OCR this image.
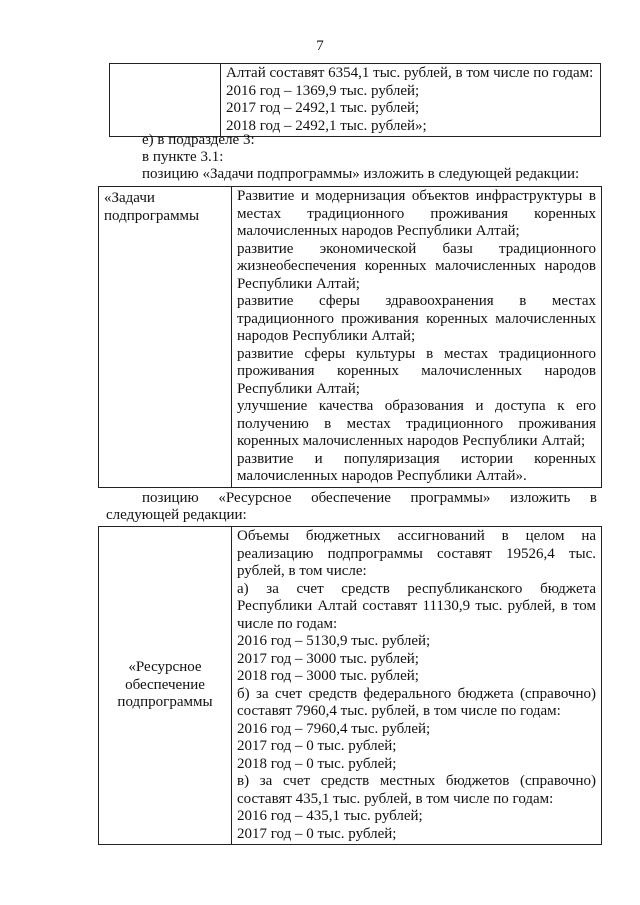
7

Алтай составят 6354,1 тыс. рублей, в том числе по годам:
2016 год – 1369,9 тыс. рублей;
2017 год – 2492,1 тыс. рублей;
2018 год – 2492,1 тыс. рублей»;
е) в подразделе 3:
в пункте 3.1:
позицию «Задачи подпрограммы» изложить в следующей редакции:
«Задачи
подпрограммы

Развитие и модернизация объектов инфраструктуры в
местах традиционного проживания коренных
малочисленных народов Республики Алтай;
развитие экономической базы традиционного
жизнеобеспечения коренных малочисленных народов
Республики Алтай;
развитие сферы здравоохранения в местах
традиционного проживания коренных малочисленных
народов Республики Алтай;
развитие сферы культуры в местах традиционного
проживания коренных малочисленных народов
Республики Алтай;
улучшение качества образования и доступа к его
получению в местах традиционного проживания
коренных малочисленных народов Республики Алтай;
развитие и популяризация истории коренных
малочисленных народов Республики Алтай».
позицию «Ресурсное обеспечение программы» изложить в
следующей редакции:
«Ресурсное
обеспечение
подпрограммы

Объемы бюджетных ассигнований в целом на
реализацию подпрограммы составят 19526,4 тыс.
рублей, в том числе:
а) за счет средств республиканского бюджета
Республики Алтай составят 11130,9 тыс. рублей, в том
числе по годам:
2016 год – 5130,9 тыс. рублей;
2017 год – 3000 тыс. рублей;
2018 год – 3000 тыс. рублей;
б) за счет средств федерального бюджета (справочно)
составят 7960,4 тыс. рублей, в том числе по годам:
2016 год – 7960,4 тыс. рублей;
2017 год – 0 тыс. рублей;
2018 год – 0 тыс. рублей;
в) за счет средств местных бюджетов (справочно)
составят 435,1 тыс. рублей, в том числе по годам:
2016 год – 435,1 тыс. рублей;
2017 год – 0 тыс. рублей;
